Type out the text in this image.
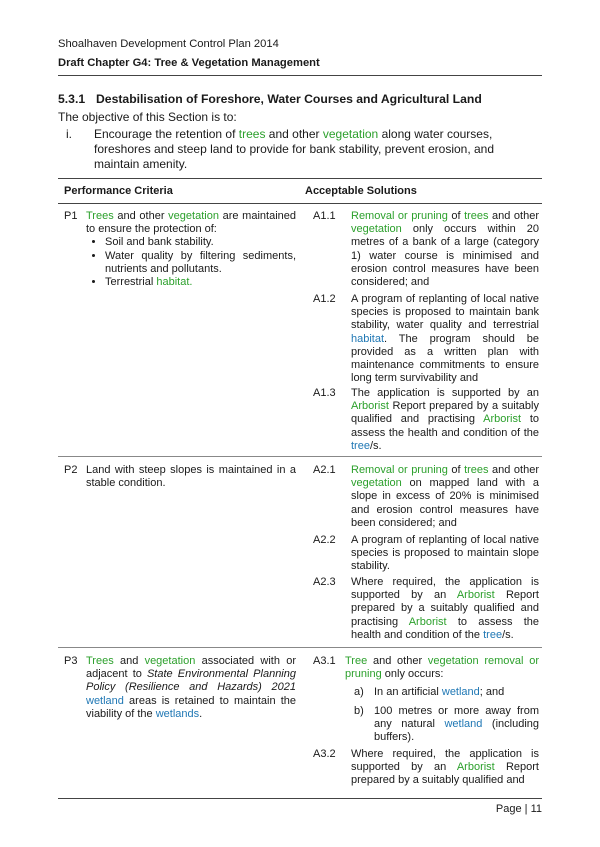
Shoalhaven Development Control Plan 2014
Draft Chapter G4: Tree & Vegetation Management
5.3.1 Destabilisation of Foreshore, Water Courses and Agricultural Land
The objective of this Section is to:
i. Encourage the retention of trees and other vegetation along water courses,
foreshores and steep land to provide for bank stability, prevent erosion, and
maintain amenity.
Performance Criteria	Acceptable Solutions
P1 Trees and other vegetation are maintained to ensure the protection of:
• Soil and bank stability.
• Water quality by filtering sediments, nutrients and pollutants.
• Terrestrial habitat.
A1.1 Removal or pruning of trees and other vegetation only occurs within 20 metres of a bank of a large (category 1) water course is minimised and erosion control measures have been considered; and
A1.2 A program of replanting of local native species is proposed to maintain bank stability, water quality and terrestrial habitat. The program should be provided as a written plan with maintenance commitments to ensure long term survivability and
A1.3 The application is supported by an Arborist Report prepared by a suitably qualified and practising Arborist to assess the health and condition of the tree/s.
P2 Land with steep slopes is maintained in a stable condition.
A2.1 Removal or pruning of trees and other vegetation on mapped land with a slope in excess of 20% is minimised and erosion control measures have been considered; and
A2.2 A program of replanting of local native species is proposed to maintain slope stability.
A2.3 Where required, the application is supported by an Arborist Report prepared by a suitably qualified and practising Arborist to assess the health and condition of the tree/s.
P3 Trees and vegetation associated with or adjacent to State Environmental Planning Policy (Resilience and Hazards) 2021 wetland areas is retained to maintain the viability of the wetlands.
A3.1 Tree and other vegetation removal or pruning only occurs:
a) In an artificial wetland; and
b) 100 metres or more away from any natural wetland (including buffers).
A3.2 Where required, the application is supported by an Arborist Report prepared by a suitably qualified and
Page | 11
